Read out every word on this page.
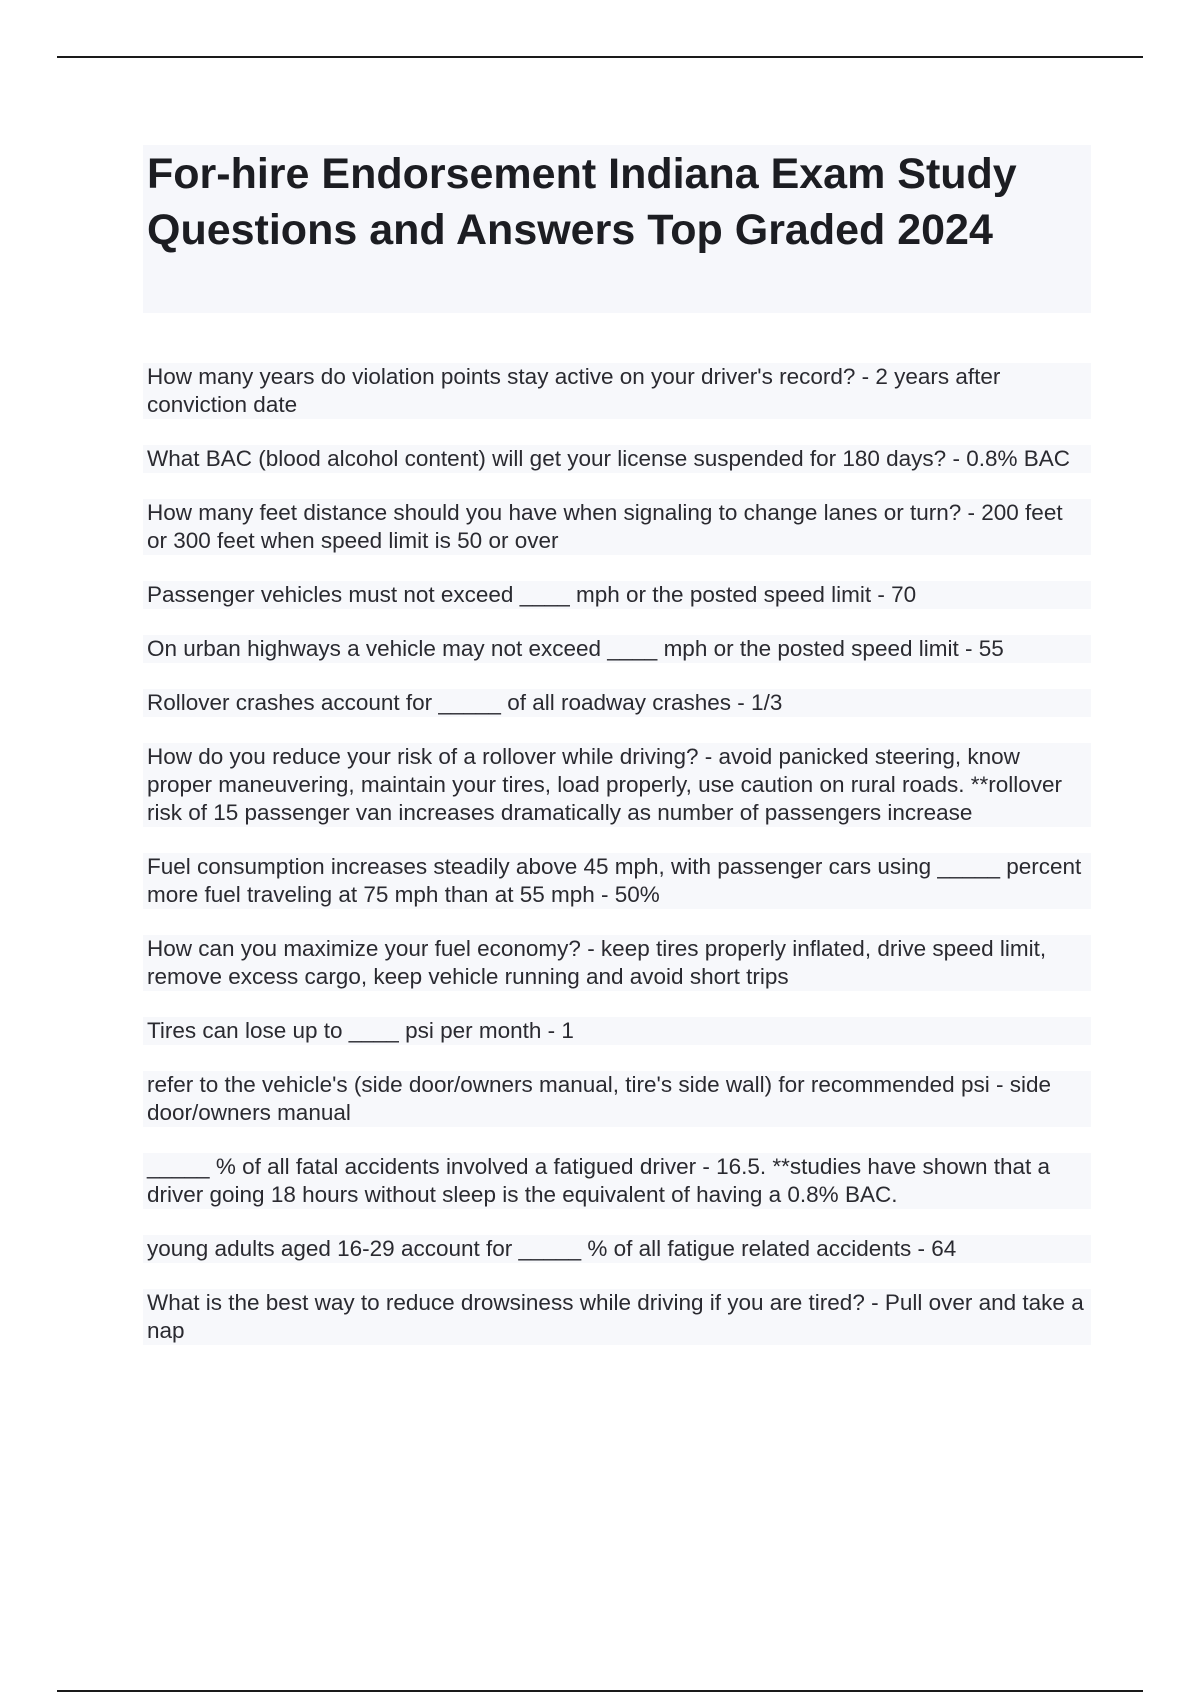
For-hire Endorsement Indiana Exam Study Questions and Answers Top Graded 2024
How many years do violation points stay active on your driver's record? - 2 years after conviction date
What BAC (blood alcohol content) will get your license suspended for 180 days? - 0.8% BAC
How many feet distance should you have when signaling to change lanes or turn? - 200 feet or 300 feet when speed limit is 50 or over
Passenger vehicles must not exceed ____ mph or the posted speed limit - 70
On urban highways a vehicle may not exceed ____ mph or the posted speed limit - 55
Rollover crashes account for _____ of all roadway crashes - 1/3
How do you reduce your risk of a rollover while driving? - avoid panicked steering, know proper maneuvering, maintain your tires, load properly, use caution on rural roads. **rollover risk of 15 passenger van increases dramatically as number of passengers increase
Fuel consumption increases steadily above 45 mph, with passenger cars using _____ percent more fuel traveling at 75 mph than at 55 mph - 50%
How can you maximize your fuel economy? - keep tires properly inflated, drive speed limit, remove excess cargo, keep vehicle running and avoid short trips
Tires can lose up to ____ psi per month - 1
refer to the vehicle's (side door/owners manual, tire's side wall) for recommended psi - side door/owners manual
_____ % of all fatal accidents involved a fatigued driver - 16.5. **studies have shown that a driver going 18 hours without sleep is the equivalent of having a 0.8% BAC.
young adults aged 16-29 account for _____ % of all fatigue related accidents - 64
What is the best way to reduce drowsiness while driving if you are tired? - Pull over and take a nap
